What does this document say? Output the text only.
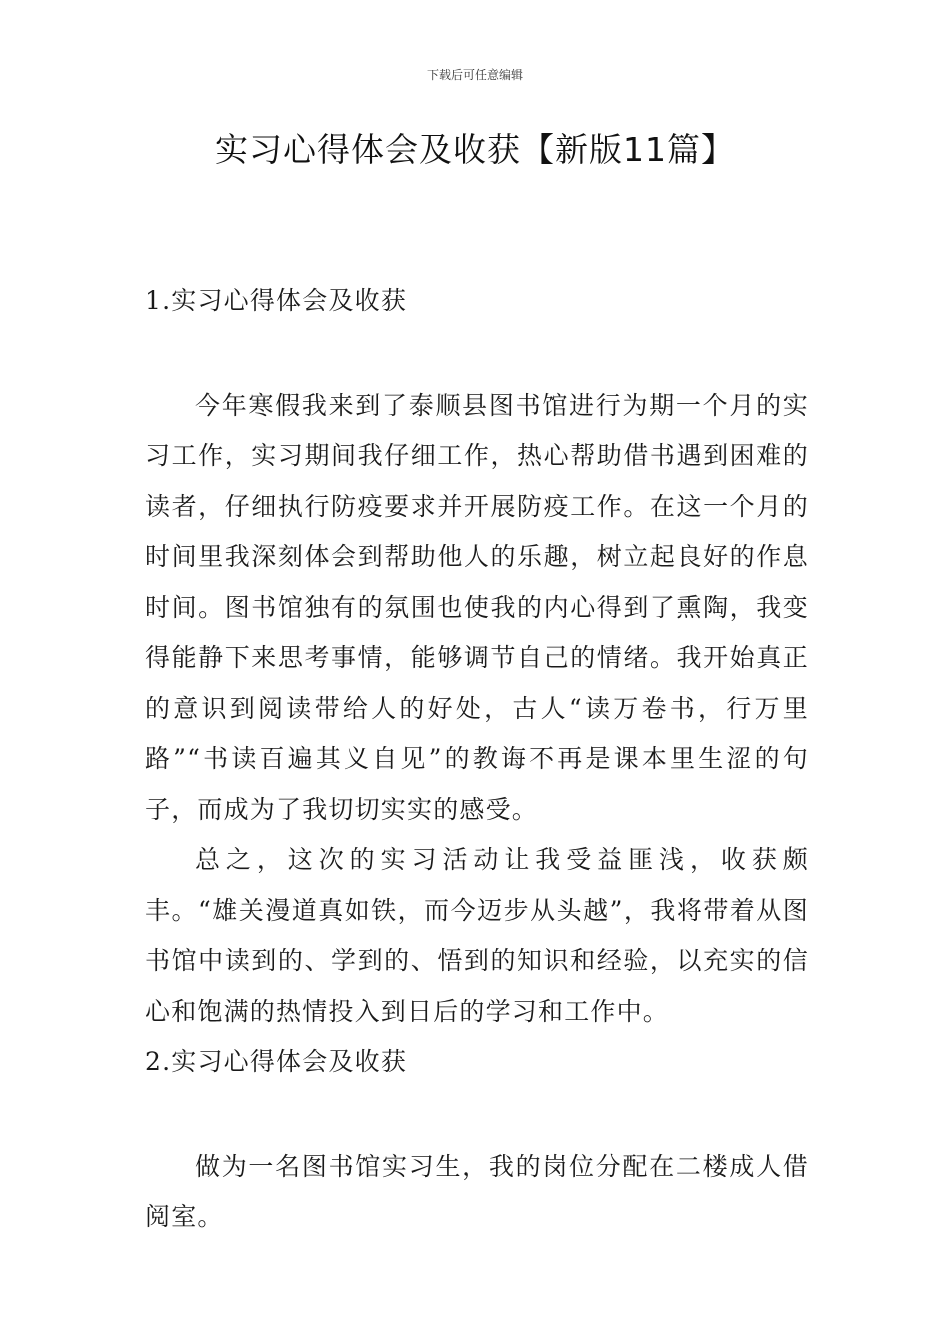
下载后可任意编辑
实习心得体会及收获【新版11篇】
1.实习心得体会及收获

今年寒假我来到了泰顺县图书馆进行为期一个月的实习工作，实习期间我仔细工作，热心帮助借书遇到困难的读者，仔细执行防疫要求并开展防疫工作。在这一个月的时间里我深刻体会到帮助他人的乐趣，树立起良好的作息时间。图书馆独有的氛围也使我的内心得到了熏陶，我变得能静下来思考事情，能够调节自己的情绪。我开始真正的意识到阅读带给人的好处，古人“读万卷书，行万里路”“书读百遍其义自见”的教诲不再是课本里生涩的句子，而成为了我切切实实的感受。

总之，这次的实习活动让我受益匪浅，收获颇丰。“雄关漫道真如铁，而今迈步从头越”，我将带着从图书馆中读到的、学到的、悟到的知识和经验，以充实的信心和饱满的热情投入到日后的学习和工作中。

2.实习心得体会及收获

做为一名图书馆实习生，我的岗位分配在二楼成人借阅室。
